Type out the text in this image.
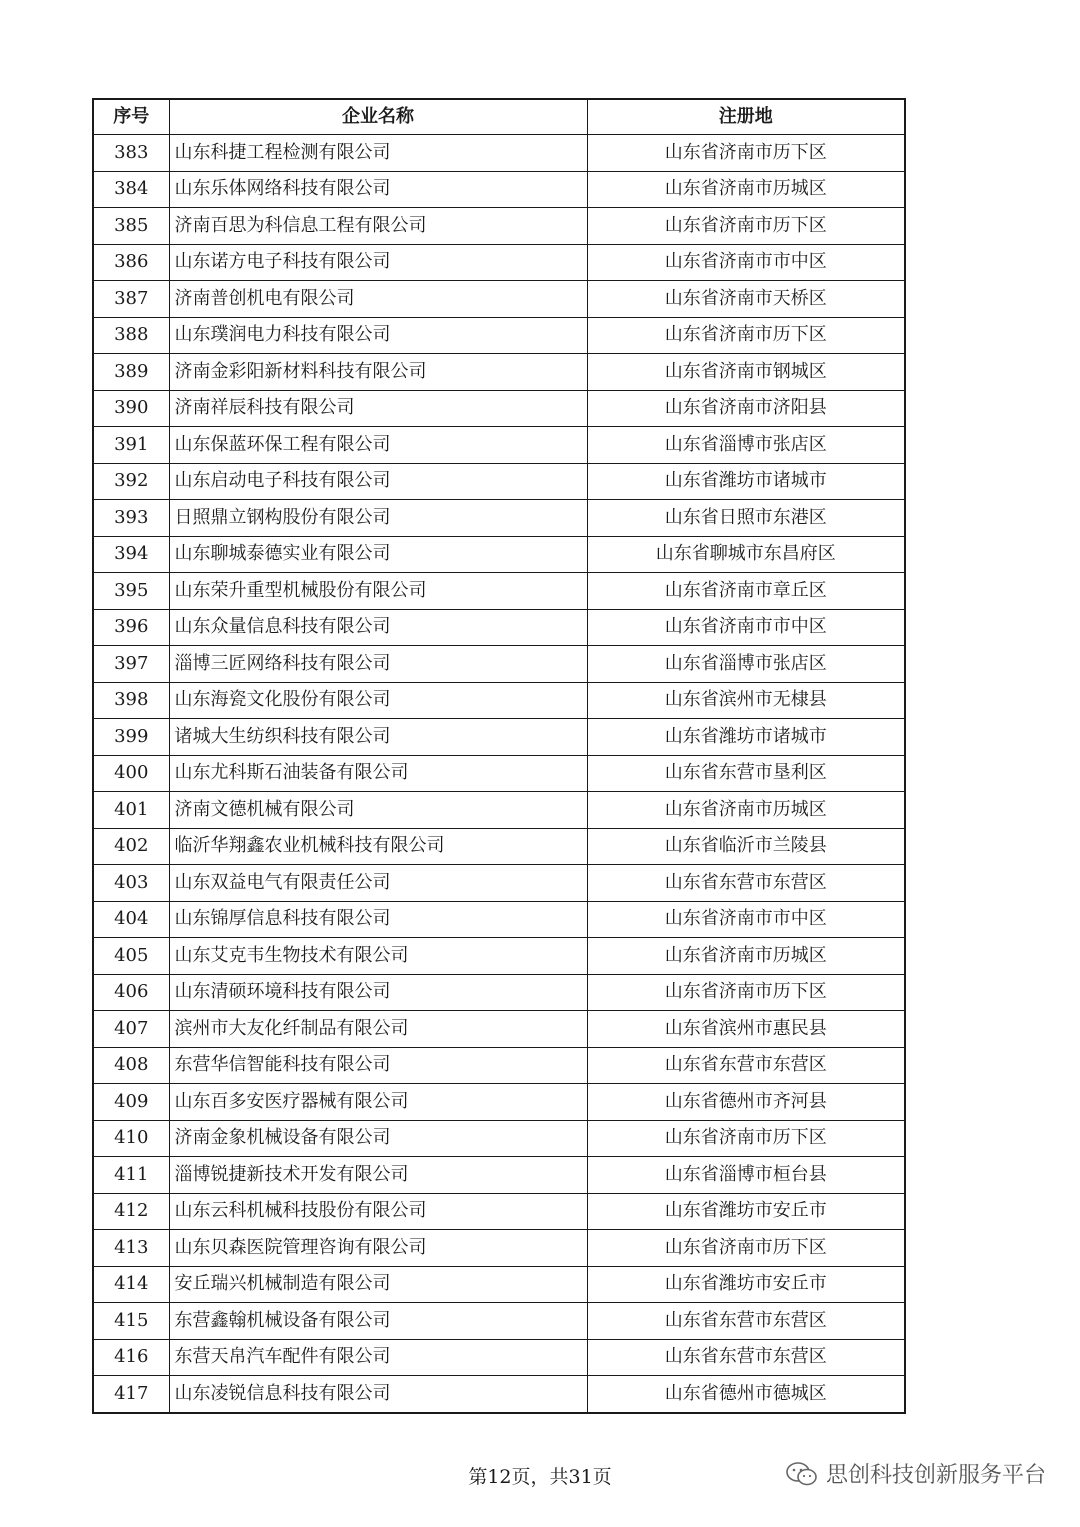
序号	企业名称	注册地
383	山东科捷工程检测有限公司	山东省济南市历下区
384	山东乐体网络科技有限公司	山东省济南市历城区
385	济南百思为科信息工程有限公司	山东省济南市历下区
386	山东诺方电子科技有限公司	山东省济南市市中区
387	济南普创机电有限公司	山东省济南市天桥区
388	山东璞润电力科技有限公司	山东省济南市历下区
389	济南金彩阳新材料科技有限公司	山东省济南市钢城区
390	济南祥辰科技有限公司	山东省济南市济阳县
391	山东保蓝环保工程有限公司	山东省淄博市张店区
392	山东启动电子科技有限公司	山东省潍坊市诸城市
393	日照鼎立钢构股份有限公司	山东省日照市东港区
394	山东聊城泰德实业有限公司	山东省聊城市东昌府区
395	山东荣升重型机械股份有限公司	山东省济南市章丘区
396	山东众量信息科技有限公司	山东省济南市市中区
397	淄博三匠网络科技有限公司	山东省淄博市张店区
398	山东海瓷文化股份有限公司	山东省滨州市无棣县
399	诸城大生纺织科技有限公司	山东省潍坊市诸城市
400	山东尤科斯石油装备有限公司	山东省东营市垦利区
401	济南文德机械有限公司	山东省济南市历城区
402	临沂华翔鑫农业机械科技有限公司	山东省临沂市兰陵县
403	山东双益电气有限责任公司	山东省东营市东营区
404	山东锦厚信息科技有限公司	山东省济南市市中区
405	山东艾克韦生物技术有限公司	山东省济南市历城区
406	山东清硕环境科技有限公司	山东省济南市历下区
407	滨州市大友化纤制品有限公司	山东省滨州市惠民县
408	东营华信智能科技有限公司	山东省东营市东营区
409	山东百多安医疗器械有限公司	山东省德州市齐河县
410	济南金象机械设备有限公司	山东省济南市历下区
411	淄博锐捷新技术开发有限公司	山东省淄博市桓台县
412	山东云科机械科技股份有限公司	山东省潍坊市安丘市
413	山东贝森医院管理咨询有限公司	山东省济南市历下区
414	安丘瑞兴机械制造有限公司	山东省潍坊市安丘市
415	东营鑫翰机械设备有限公司	山东省东营市东营区
416	东营天帛汽车配件有限公司	山东省东营市东营区
417	山东凌锐信息科技有限公司	山东省德州市德城区
第12页，共31页	思创科技创新服务平台
